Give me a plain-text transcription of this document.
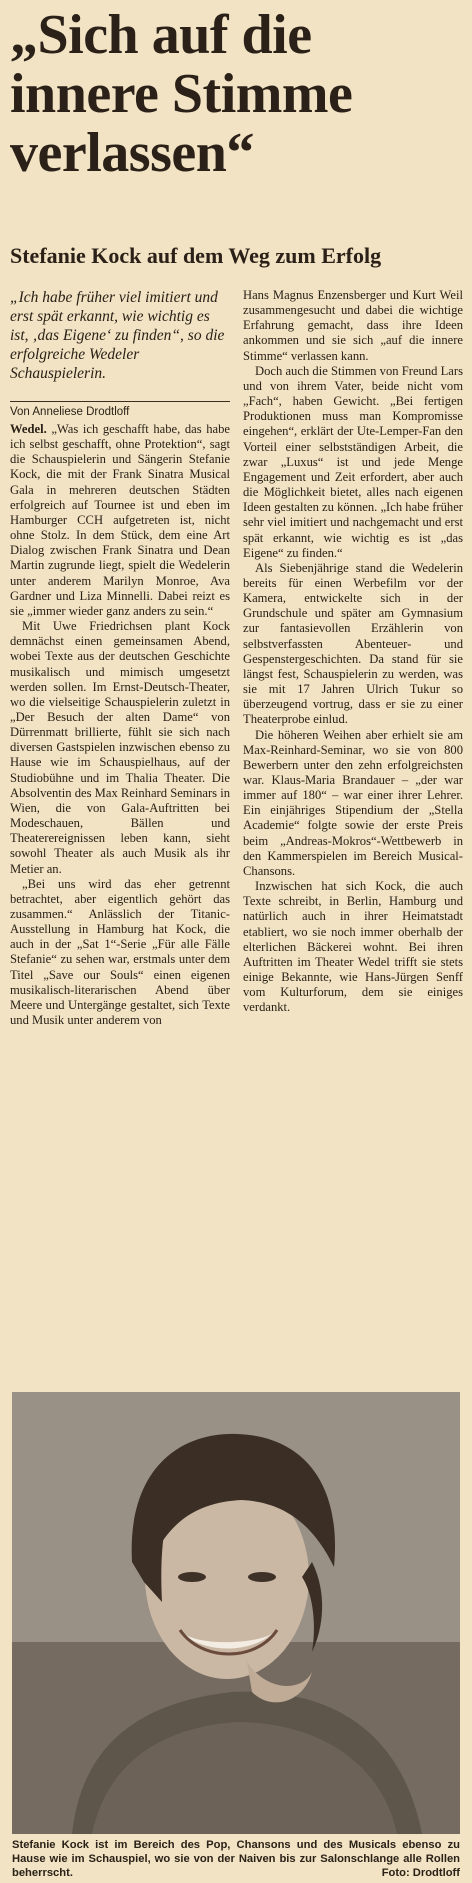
„Sich auf die innere Stimme verlassen“
Stefanie Kock auf dem Weg zum Erfolg

„Ich habe früher viel imitiert und erst spät erkannt, wie wichtig es ist, ‚das Eigene‘ zu finden“, so die erfolgreiche Wedeler Schauspielerin.

Von Anneliese Drodtloff

Wedel. „Was ich geschafft habe, das habe ich selbst geschafft, ohne Protektion“, sagt die Schauspielerin und Sängerin Stefanie Kock, die mit der Frank Sinatra Musical Gala in mehreren deutschen Städten erfolgreich auf Tournee ist und eben im Hamburger CCH aufgetreten ist, nicht ohne Stolz. In dem Stück, dem eine Art Dialog zwischen Frank Sinatra und Dean Martin zugrunde liegt, spielt die Wedelerin unter anderem Marilyn Monroe, Ava Gardner und Liza Minnelli. Dabei reizt es sie „immer wieder ganz anders zu sein.“

Mit Uwe Friedrichsen plant Kock demnächst einen gemeinsamen Abend, wobei Texte aus der deutschen Geschichte musikalisch und mimisch umgesetzt werden sollen. Im Ernst-Deutsch-Theater, wo die vielseitige Schauspielerin zuletzt in „Der Besuch der alten Dame“ von Dürrenmatt brillierte, fühlt sie sich nach diversen Gastspielen inzwischen ebenso zu Hause wie im Schauspielhaus, auf der Studiobühne und im Thalia Theater. Die Absolventin des Max Reinhard Seminars in Wien, die von Gala-Auftritten bei Modeschauen, Bällen und Theaterereignissen leben kann, sieht sowohl Theater als auch Musik als ihr Metier an.

„Bei uns wird das eher getrennt betrachtet, aber eigentlich gehört das zusammen.“ Anlässlich der Titanic-Ausstellung in Hamburg hat Kock, die auch in der „Sat 1“-Serie „Für alle Fälle Stefanie“ zu sehen war, erstmals unter dem Titel „Save our Souls“ einen eigenen musikalisch-literarischen Abend über Meere und Untergänge gestaltet, sich Texte und Musik unter anderem von

Hans Magnus Enzensberger und Kurt Weil zusammengesucht und dabei die wichtige Erfahrung gemacht, dass ihre Ideen ankommen und sie sich „auf die innere Stimme“ verlassen kann.

Doch auch die Stimmen von Freund Lars und von ihrem Vater, beide nicht vom „Fach“, haben Gewicht. „Bei fertigen Produktionen muss man Kompromisse eingehen“, erklärt der Ute-Lemper-Fan den Vorteil einer selbstständigen Arbeit, die zwar „Luxus“ ist und jede Menge Engagement und Zeit erfordert, aber auch die Möglichkeit bietet, alles nach eigenen Ideen gestalten zu können. „Ich habe früher sehr viel imitiert und nachgemacht und erst spät erkannt, wie wichtig es ist „das Eigene“ zu finden.“

Als Siebenjährige stand die Wedelerin bereits für einen Werbefilm vor der Kamera, entwickelte sich in der Grundschule und später am Gymnasium zur fantasievollen Erzählerin von selbstverfassten Abenteuer- und Gespenstergeschichten. Da stand für sie längst fest, Schauspielerin zu werden, was sie mit 17 Jahren Ulrich Tukur so überzeugend vortrug, dass er sie zu einer Theaterprobe einlud.

Die höheren Weihen aber erhielt sie am Max-Reinhard-Seminar, wo sie von 800 Bewerbern unter den zehn erfolgreichsten war. Klaus-Maria Brandauer – „der war immer auf 180“ – war einer ihrer Lehrer. Ein einjähriges Stipendium der „Stella Academie“ folgte sowie der erste Preis beim „Andreas-Mokros“-Wettbewerb in den Kammerspielen im Bereich Musical-Chansons.

Inzwischen hat sich Kock, die auch Texte schreibt, in Berlin, Hamburg und natürlich auch in ihrer Heimatstadt etabliert, wo sie noch immer oberhalb der elterlichen Bäckerei wohnt. Bei ihren Auftritten im Theater Wedel trifft sie stets einige Bekannte, wie Hans-Jürgen Senff vom Kulturforum, dem sie einiges verdankt.

Stefanie Kock ist im Bereich des Pop, Chansons und des Musicals ebenso zu Hause wie im Schauspiel, wo sie von der Naiven bis zur Salonschlange alle Rollen beherrscht.	Foto: Drodtloff
